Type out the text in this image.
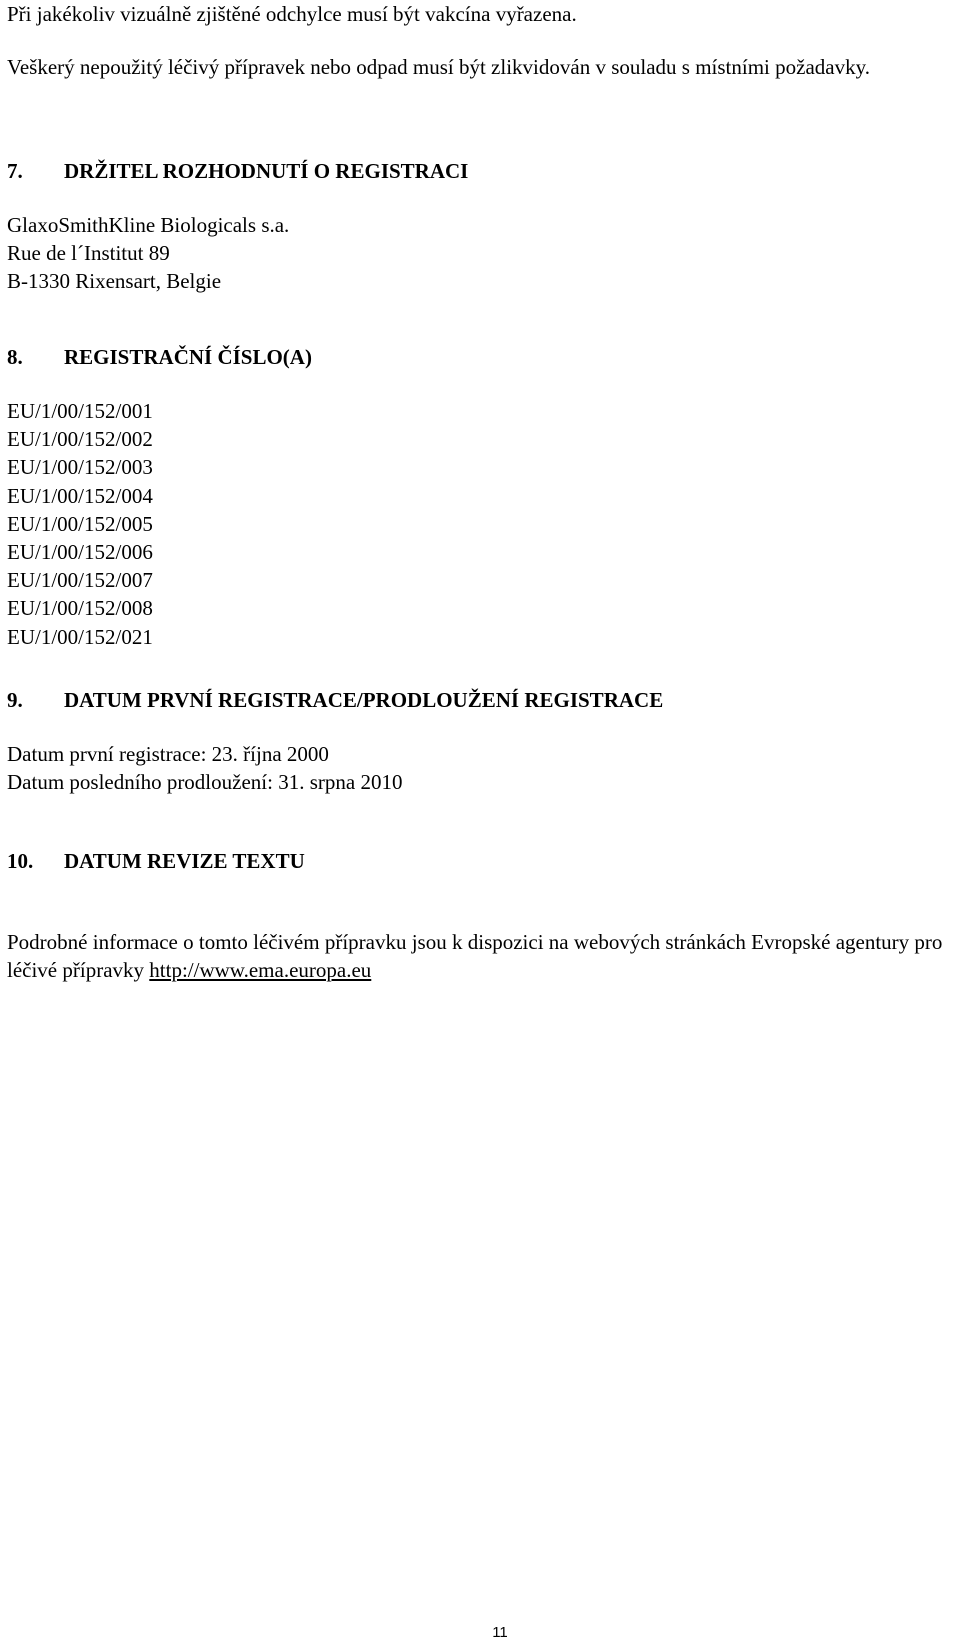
Při jakékoliv vizuálně zjištěné odchylce musí být vakcína vyřazena.

Veškerý nepoužitý léčivý přípravek nebo odpad musí být zlikvidován v souladu s místními požadavky.

7. DRŽITEL ROZHODNUTÍ O REGISTRACI

GlaxoSmithKline Biologicals s.a.

Rue de l´Institut 89

B-1330 Rixensart, Belgie

8. REGISTRAČNÍ ČÍSLO(A)

EU/1/00/152/001

EU/1/00/152/002

EU/1/00/152/003

EU/1/00/152/004

EU/1/00/152/005

EU/1/00/152/006

EU/1/00/152/007

EU/1/00/152/008

EU/1/00/152/021

9. DATUM PRVNÍ REGISTRACE/PRODLOUŽENÍ REGISTRACE

Datum první registrace: 23. října 2000

Datum posledního prodloužení: 31. srpna 2010

10. DATUM REVIZE TEXTU

Podrobné informace o tomto léčivém přípravku jsou k dispozici na webových stránkách Evropské agentury pro léčivé přípravky http://www.ema.europa.eu

11
